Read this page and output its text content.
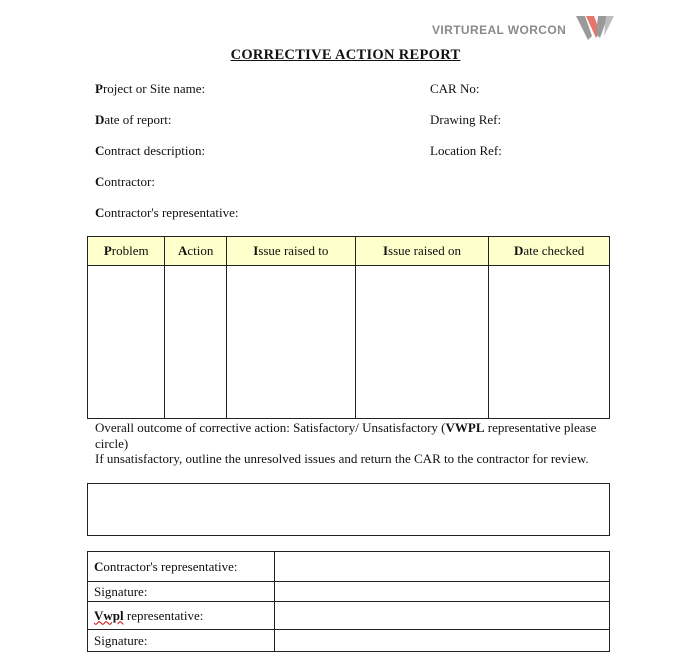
VIRTUREAL WORCON
CORRECTIVE ACTION REPORT
Project or Site name:
Date of report:
Contract description:
Contractor:
Contractor's representative:
CAR No:
Drawing Ref:
Location Ref:
Problem	Action	Issue raised to	Issue raised on	Date checked

Overall outcome of corrective action: Satisfactory/ Unsatisfactory (VWPL representative please circle)
If unsatisfactory, outline the unresolved issues and return the CAR to the contractor for review.
Contractor's representative:	
Signature:	
Vwpl representative:	
Signature:	
